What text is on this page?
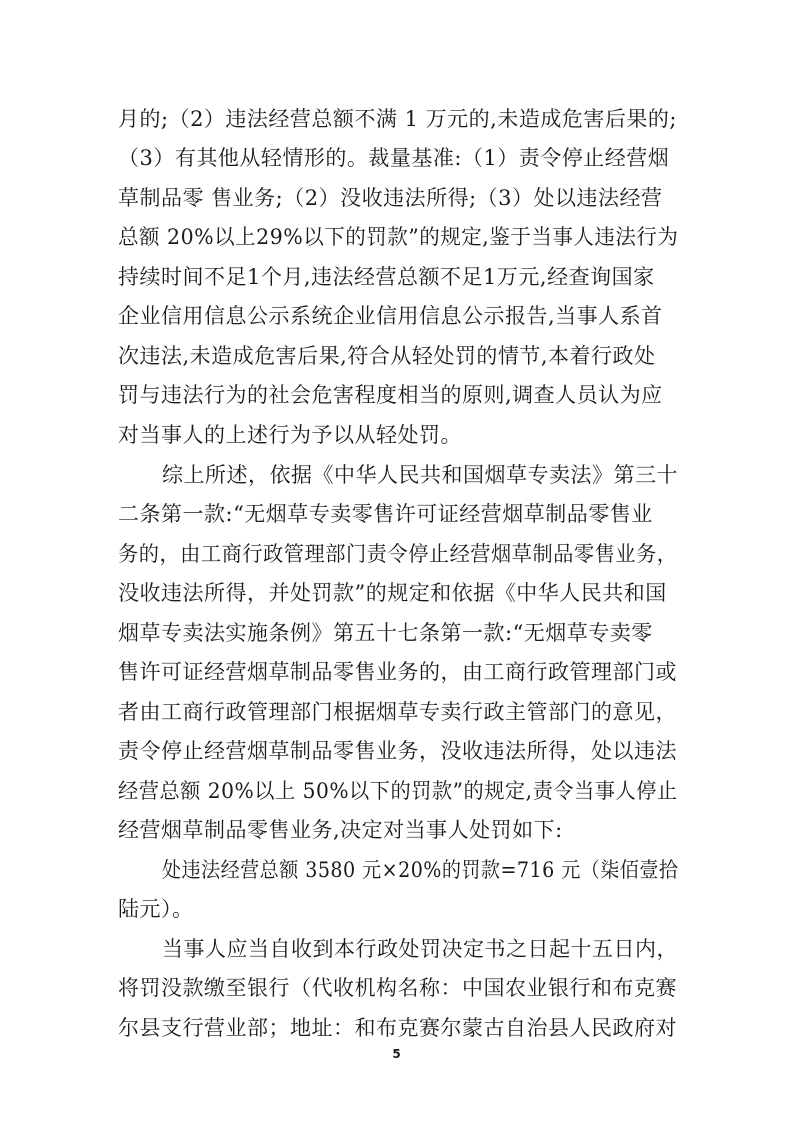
月的;（2）违法经营总额不满 1 万元的,未造成危害后果的;
（3）有其他从轻情形的。裁量基准:（1）责令停止经营烟
草制品零 售业务;（2）没收违法所得;（3）处以违法经营
总额 20%以上29%以下的罚款”的规定,鉴于当事人违法行为
持续时间不足1个月,违法经营总额不足1万元,经查询国家
企业信用信息公示系统企业信用信息公示报告,当事人系首
次违法,未造成危害后果,符合从轻处罚的情节,本着行政处
罚与违法行为的社会危害程度相当的原则,调查人员认为应
对当事人的上述行为予以从轻处罚。
综上所述，依据《中华人民共和国烟草专卖法》第三十
二条第一款:“无烟草专卖零售许可证经营烟草制品零售业
务的，由工商行政管理部门责令停止经营烟草制品零售业务，
没收违法所得，并处罚款”的规定和依据《中华人民共和国
烟草专卖法实施条例》第五十七条第一款:“无烟草专卖零
售许可证经营烟草制品零售业务的，由工商行政管理部门或
者由工商行政管理部门根据烟草专卖行政主管部门的意见，
责令停止经营烟草制品零售业务，没收违法所得，处以违法
经营总额 20%以上 50%以下的罚款”的规定,责令当事人停止
经营烟草制品零售业务,决定对当事人处罚如下:
处违法经营总额 3580 元×20%的罚款=716 元（柒佰壹拾
陆元）。
当事人应当自收到本行政处罚决定书之日起十五日内，
将罚没款缴至银行（代收机构名称：中国农业银行和布克赛
尔县支行营业部；地址：和布克赛尔蒙古自治县人民政府对
5
